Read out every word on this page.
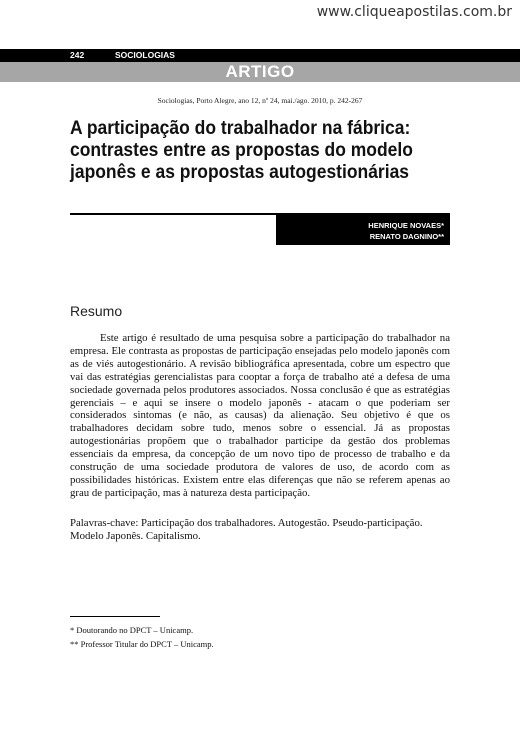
www.cliqueapostilas.com.br
242	SOCIOLOGIAS
ARTIGO
Sociologias, Porto Alegre, ano 12, nº 24, mai./ago. 2010, p. 242-267
A participação do trabalhador na fábrica:
contrastes entre as propostas do modelo
japonês e as propostas autogestionárias
HENRIQUE NOVAES*
RENATO DAGNINO**
Resumo

Este artigo é resultado de uma pesquisa sobre a participação do trabalhador na empresa. Ele contrasta as propostas de participação ensejadas pelo modelo japonês com as de viés autogestionário. A revisão bibliográfica apresentada, cobre um espectro que vai das estratégias gerencialistas para cooptar a força de trabalho até a defesa de uma sociedade governada pelos produtores associados. Nossa conclusão é que as estratégias gerenciais – e aqui se insere o modelo japonês - atacam o que poderiam ser considerados sintomas (e não, as causas) da alienação. Seu objetivo é que os trabalhadores decidam sobre tudo, menos sobre o essencial. Já as propostas autogestionárias propõem que o trabalhador participe da gestão dos problemas essenciais da empresa, da concepção de um novo tipo de processo de trabalho e da construção de uma sociedade produtora de valores de uso, de acordo com as possibilidades históricas. Existem entre elas diferenças que não se referem apenas ao grau de participação, mas à natureza desta participação.

Palavras-chave: Participação dos trabalhadores. Autogestão. Pseudo-participação. Modelo Japonês. Capitalismo.

* Doutorando no DPCT – Unicamp.
** Professor Titular do DPCT – Unicamp.
